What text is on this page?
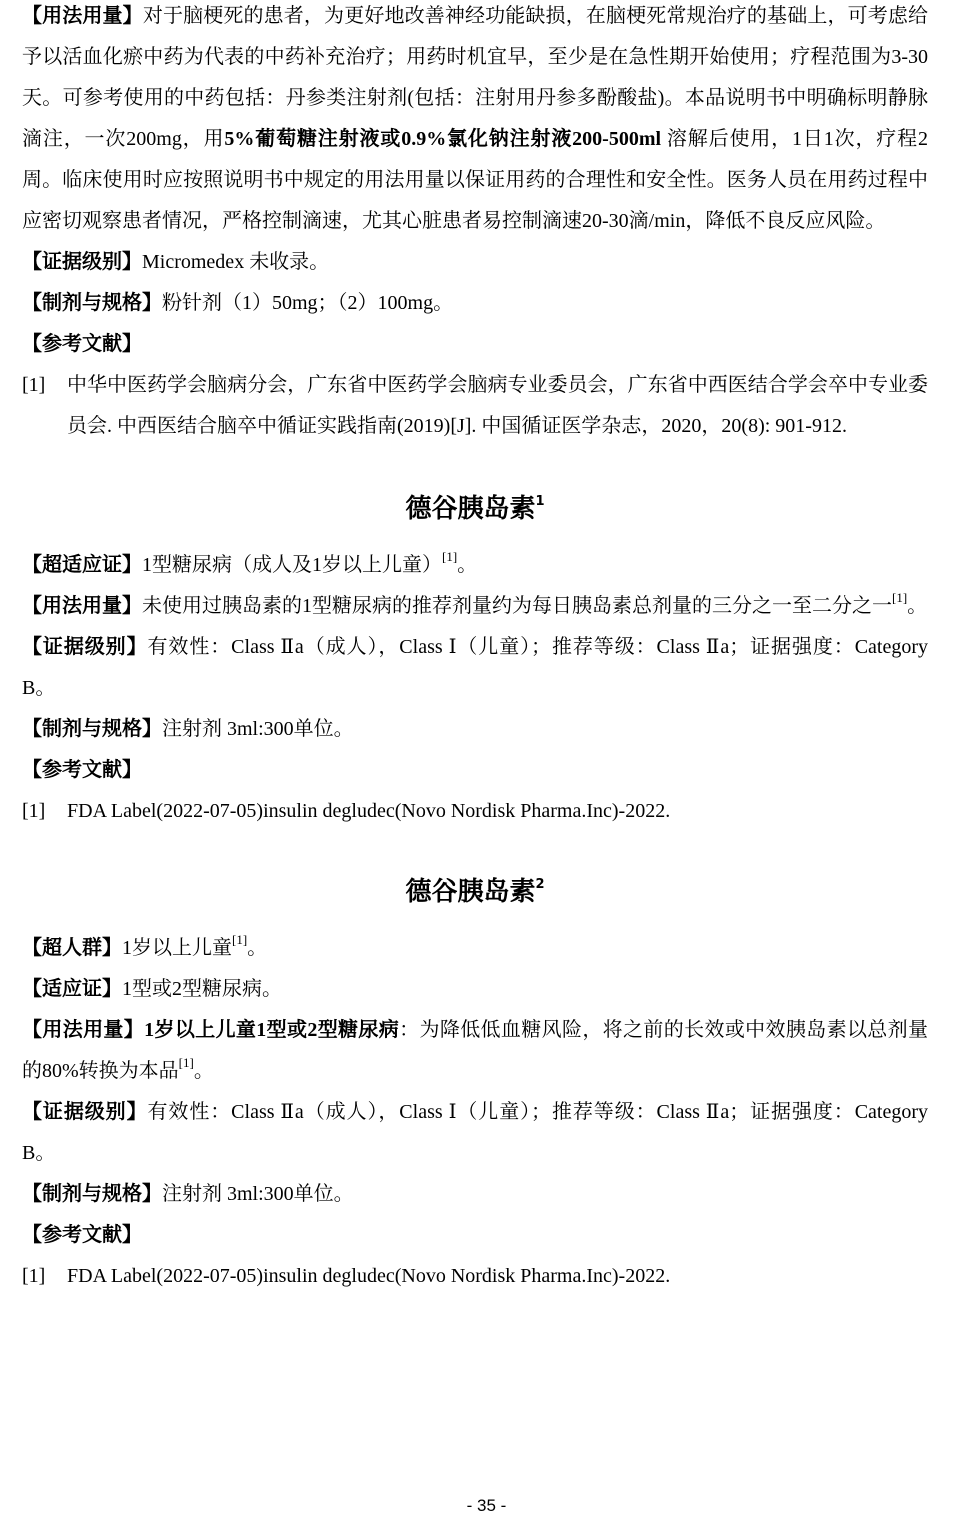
【用法用量】对于脑梗死的患者，为更好地改善神经功能缺损，在脑梗死常规治疗的基础上，可考虑给予以活血化瘀中药为代表的中药补充治疗；用药时机宜早，至少是在急性期开始使用；疗程范围为3-30天。可参考使用的中药包括：丹参类注射剂(包括：注射用丹参多酚酸盐)。本品说明书中明确标明静脉滴注，一次200mg，用5%葡萄糖注射液或0.9%氯化钠注射液200-500ml 溶解后使用，1日1次，疗程2周。临床使用时应按照说明书中规定的用法用量以保证用药的合理性和安全性。医务人员在用药过程中应密切观察患者情况，严格控制滴速，尤其心脏患者易控制滴速20-30滴/min，降低不良反应风险。

【证据级别】Micromedex 未收录。

【制剂与规格】粉针剂（1）50mg；（2）100mg。

【参考文献】

[1]	中华中医药学会脑病分会，广东省中医药学会脑病专业委员会，广东省中西医结合学会卒中专业委员会. 中西医结合脑卒中循证实践指南(2019)[J]. 中国循证医学杂志，2020，20(8): 901-912.

德谷胰岛素$^1$

【超适应证】1型糖尿病（成人及1岁以上儿童）[1]。

【用法用量】未使用过胰岛素的1型糖尿病的推荐剂量约为每日胰岛素总剂量的三分之一至二分之一[1]。

【证据级别】有效性：Class Ⅱa（成人），Class Ⅰ（儿童）；推荐等级：Class Ⅱa；证据强度：Category B。

【制剂与规格】注射剂 3ml:300单位。

【参考文献】

[1]	FDA Label(2022-07-05)insulin degludec(Novo Nordisk Pharma.Inc)-2022.

德谷胰岛素$^2$

【超人群】1岁以上儿童[1]。

【适应证】1型或2型糖尿病。

【用法用量】1岁以上儿童1型或2型糖尿病：为降低低血糖风险，将之前的长效或中效胰岛素以总剂量的80%转换为本品[1]。

【证据级别】有效性：Class Ⅱa（成人），Class Ⅰ（儿童）；推荐等级：Class Ⅱa；证据强度：Category B。

【制剂与规格】注射剂 3ml:300单位。

【参考文献】

[1]	FDA Label(2022-07-05)insulin degludec(Novo Nordisk Pharma.Inc)-2022.
- 35 -
